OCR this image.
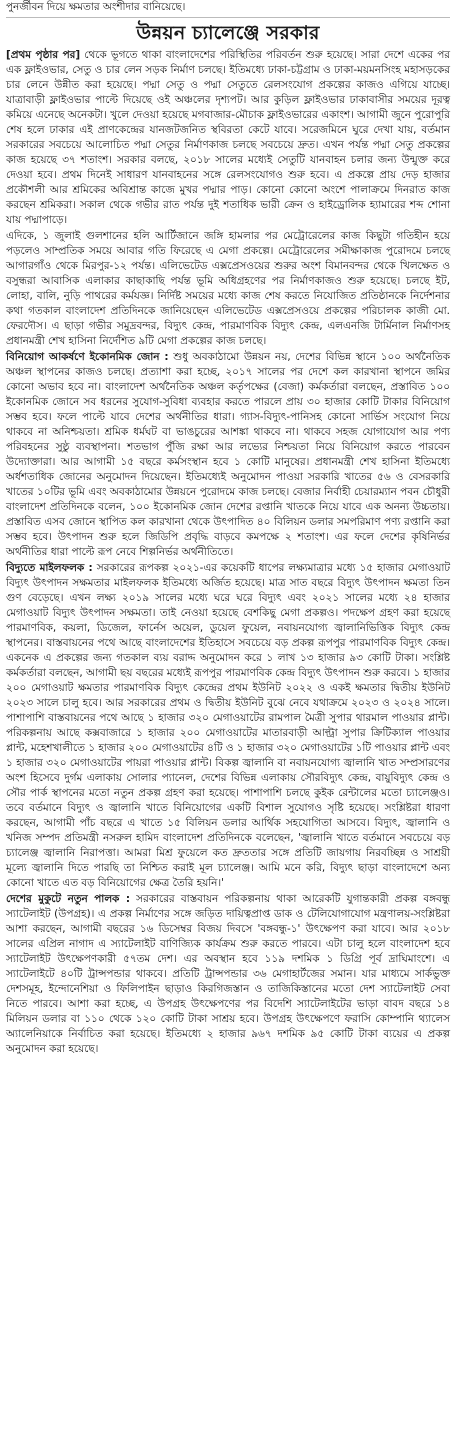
পুনর্জীবন দিয়ে ক্ষমতার অংশীদার বানিয়েছে।

উন্নয়ন চ্যালেঞ্জে সরকার

[প্রথম পৃষ্ঠার পর] থেকে ভূগতে থাকা বাংলাদেশের পরিস্থিতির পরিবর্তন শুরু হয়েছে। সারা দেশে একের পর এক ফ্লাইওভার, সেতু ও চার লেন সড়ক নির্মাণ চলছে। ইতিমধ্যে ঢাকা-চট্টগ্রাম ও ঢাকা-ময়মনসিংহ মহাসড়কের চার লেনে উন্নীত করা হয়েছে। পদ্মা সেতু ও পদ্মা সেতুতে রেলসংযোগ প্রকল্পের কাজও এগিয়ে যাচ্ছে। যাত্রাবাড়ী ফ্লাইওভার পাল্টে দিয়েছে ওই অঞ্চলের দৃশ্যপট। আর কুড়িল ফ্লাইওভার ঢাকাবাসীর সময়ের দূরত্ব কমিয়ে এনেছে অনেকটা। খুলে দেওয়া হয়েছে মগবাজার-মৌচাক ফ্লাইওভারের একাংশ। আগামী জুনে পুরোপুরি শেষ হলে ঢাকার এই প্রাণকেন্দ্রের যানজটজনিত স্থবিরতা কেটে যাবে। সরেজমিনে ঘুরে দেখা যায়, বর্তমান সরকারের সবচেয়ে আলোচিত পদ্মা সেতুর নির্মাণকাজ চলছে সবচেয়ে দ্রুত। এখন পর্যন্ত পদ্মা সেতু প্রকল্পের কাজ হয়েছে ৩৭ শতাংশ। সরকার বলছে, ২০১৮ সালের মধ্যেই সেতুটি যানবাহন চলার জন্য উন্মুক্ত করে দেওয়া হবে। প্রথম দিনেই সাধারণ যানবাহনের সঙ্গে রেলসংযোগও শুরু হবে। এ প্রকল্পে প্রায় দেড় হাজার প্রকৌশলী আর শ্রমিকের অবিশ্রান্ত কাজে মুখর পদ্মার পাড়। কোনো কোনো অংশে পালাক্রমে দিনরাত কাজ করছেন শ্রমিকরা। সকাল থেকে গভীর রাত পর্যন্ত দুই শতাধিক ভারী ক্রেন ও হাইড্রোলিক হ্যামারের শব্দ শোনা যায় পদ্মাপাড়ে।

এদিকে, ১ জুলাই গুলশানের হলি আর্টিজানে জঙ্গি হামলার পর মেট্রোরেলের কাজ কিছুটা গতিহীন হয়ে পড়লেও সাম্প্রতিক সময়ে আবার গতি ফিরেছে এ মেগা প্রকল্পে। মেট্রোরেলের সমীক্ষাকাজ পুরোদমে চলছে আগারগাঁও থেকে মিরপুর-১২ পর্যন্ত। এলিভেটেড এক্সপ্রেসওয়ের শুরুর অংশ বিমানবন্দর থেকে খিলক্ষেত ও বসুন্ধরা আবাসিক এলাকার কাছাকাছি পর্যন্ত ভূমি অধিগ্রহণের পর নির্মাণকাজও শুরু হয়েছে। চলছে ইট, লোহা, বালি, নুড়ি পাথরের কর্মযজ্ঞ। নির্দিষ্ট সময়ের মধ্যে কাজ শেষ করতে নিযোজিত প্রতিষ্ঠানকে নির্দেশনার কথা গতকাল বাংলাদেশ প্রতিদিনকে জানিয়েছেন এলিভেটেড এক্সপ্রেসওয়ে প্রকল্পের পরিচালক কাজী মো. ফেরদৌস। এ ছাড়া গভীর সমুদ্রবন্দর, বিদ্যুৎ কেন্দ্র, পারমাণবিক বিদ্যুৎ কেন্দ্র, এলএনজি টার্মিনাল নির্মাণসহ প্রধানমন্ত্রী শেখ হাসিনা নির্দেশিত ৯টি মেগা প্রকল্পের কাজ চলছে।

বিনিয়োগ আকর্ষণে ইকোনমিক জোন : শুধু অবকাঠামো উন্নয়ন নয়, দেশের বিভিন্ন স্থানে ১০০ অর্থনৈতিক অঞ্চল স্থাপনের কাজও চলছে। প্রত্যাশা করা হচ্ছে, ২০১৭ সালের পর দেশে কল কারখানা স্থাপনে জমির কোনো অভাব হবে না। বাংলাদেশ অর্থনৈতিক অঞ্চল কর্তৃপক্ষের (বেজা) কর্মকর্তারা বলছেন, প্রস্তাবিত ১০০ ইকোনমিক জোনে সব ধরনের সুযোগ-সুবিধা ব্যবহার করতে পারলে প্রায় ৩০ হাজার কোটি টাকার বিনিয়োগ সম্ভব হবে। ফলে পাল্টে যাবে দেশের অর্থনীতির ধারা। গ্যাস-বিদ্যুৎ-পানিসহ কোনো সার্ভিস সংযোগ নিয়ে থাকবে না অনিশ্চয়তা। শ্রমিক ধর্মঘট বা ভাঙচুরের আশঙ্কা থাকবে না। থাকবে সহজ যোগাযোগ আর পণ্য পরিবহনের সুষ্ঠু ব্যবস্থাপনা। শতভাগ পুঁজি রক্ষা আর লভ্যের নিশ্চয়তা নিয়ে বিনিয়োগ করতে পারবেন উদ্যোক্তারা। আর আগামী ১৫ বছরে কর্মসংস্থান হবে ১ কোটি মানুষের। প্রধানমন্ত্রী শেখ হাসিনা ইতিমধ্যে অর্ধশতাধিক জোনের অনুমোদন দিয়েছেন। ইতিমধ্যেই অনুমোদন পাওয়া সরকারি খাতের ৫৬ ও বেসরকারি খাতের ১০টির ভূমি এবং অবকাঠামোর উন্নয়নে পুরোদমে কাজ চলছে। বেজার নির্বাহী চেয়ারম্যান পবন চৌধুরী বাংলাদেশ প্রতিদিনকে বলেন, ১০০ ইকোনমিক জোন দেশের রপ্তানি খাতকে নিয়ে যাবে এক অনন্য উচ্চতায়। প্রস্তাবিত এসব জোনে স্থাপিত কল কারখানা থেকে উৎপাদিত ৪০ বিলিয়ন ডলার সমপরিমাণ পণ্য রপ্তানি করা সম্ভব হবে। উৎপাদন শুরু হলে জিডিপি প্রবৃদ্ধি বাড়বে কমপক্ষে ২ শতাংশ। এর ফলে দেশের কৃষিনির্ভর অর্থনীতির ধারা পাল্টে রূপ নেবে শিল্পনির্ভর অর্থনীতিতে।

বিদ্যুতে মাইলফলক : সরকারের রূপকল্প ২০২১-এর কয়েকটি ধাপের লক্ষ্যমাত্রার মধ্যে ১৫ হাজার মেগাওয়াট বিদ্যুৎ উৎপাদন সক্ষমতার মাইলফলক ইতিমধ্যে অর্জিত হয়েছে। মাত্র সাত বছরে বিদ্যুৎ উৎপাদন ক্ষমতা তিন গুণ বেড়েছে। এখন লক্ষ্য ২০১৯ সালের মধ্যে ঘরে ঘরে বিদ্যুৎ এবং ২০২১ সালের মধ্যে ২৪ হাজার মেগাওয়াট বিদ্যুৎ উৎপাদন সক্ষমতা। তাই নেওয়া হয়েছে বেশকিছু মেগা প্রকল্পও। পদক্ষেপ গ্রহণ করা হয়েছে পারমাণবিক, কয়লা, ডিজেল, ফার্নেস অয়েল, ডুয়েল ফুয়েল, নবায়নযোগ্য জ্বালানিভিত্তিক বিদ্যুৎ কেন্দ্র স্থাপনের। বাস্তবায়নের পথে আছে বাংলাদেশের ইতিহাসে সবচেয়ে বড় প্রকল্প রূপপুর পারমাণবিক বিদ্যুৎ কেন্দ্র। একনেক এ প্রকল্পের জন্য গতকাল ব্যয় বরাদ্দ অনুমোদন করে ১ লাখ ১৩ হাজার ৯৩ কোটি টাকা। সংশ্লিষ্ট কর্মকর্তারা বলছেন, আগামী ছয় বছরের মধ্যেই রূপপুর পারমাণবিক কেন্দ্র বিদ্যুৎ উৎপাদন শুরু করবে। ১ হাজার ২০০ মেগাওয়াট ক্ষমতার পারমাণবিক বিদ্যুৎ কেন্দ্রের প্রথম ইউনিট ২০২২ ও একই ক্ষমতার দ্বিতীয় ইউনিট ২০২৩ সালে চালু হবে। আর সরকারের প্রথম ও দ্বিতীয় ইউনিট বুঝে নেবে যথাক্রমে ২০২৩ ও ২০২৪ সালে। পাশাপাশি বাস্তবায়নের পথে আছে ১ হাজার ৩২০ মেগাওয়াটের রামপাল মৈত্রী সুপার থারমাল পাওয়ার প্লান্ট। পরিকল্পনায় আছে কক্সবাজারে ১ হাজার ২০০ মেগাওয়াটের মাতারবাড়ী আল্ট্রা সুপার ক্রিটিক্যাল পাওয়ার প্লান্ট, মহেশখালীতে ১ হাজার ২০০ মেগাওয়াটের ৪টি ও ১ হাজার ৩২০ মেগাওয়াটের ১টি পাওয়ার প্লান্ট এবং ১ হাজার ৩২০ মেগাওয়াটের পায়রা পাওয়ার প্লান্ট। বিকল্প জ্বালানি বা নবায়নযোগ্য জ্বালানি খাত সম্প্রসারণের অংশ হিসেবে দুর্গম এলাকায় সোলার প্যানেল, দেশের বিভিন্ন এলাকায় সৌরবিদ্যুৎ কেন্দ্র, বায়ুবিদ্যুৎ কেন্দ্র ও সৌর পার্ক স্থাপনের মতো নতুন প্রকল্প গ্রহণ করা হয়েছে। পাশাপাশি চলছে কুইক রেন্টালের মতো চ্যালেঞ্জও। তবে বর্তমানে বিদ্যুৎ ও জ্বালানি খাতে বিনিয়োগের একটি বিশাল সুযোগও সৃষ্টি হয়েছে। সংশ্লিষ্টরা ধারণা করছেন, আগামী পাঁচ বছরে এ খাতে ১৫ বিলিয়ন ডলার আর্থিক সহযোগিতা আসবে। বিদ্যুৎ, জ্বালানি ও খনিজ সম্পদ প্রতিমন্ত্রী নসরুল হামিদ বাংলাদেশ প্রতিদিনকে বলেছেন, 'জ্বালানি খাতে বর্তমানে সবচেয়ে বড় চ্যালেঞ্জ জ্বালানি নিরাপত্তা। আমরা মিশ্র ফুয়েলে কত দ্রুততার সঙ্গে প্রতিটি জায়গায় নিরবচ্ছিন্ন ও সাশ্রয়ী মূল্যে জ্বালানি দিতে পারছি তা নিশ্চিত করাই মূল চ্যালেঞ্জ। আমি মনে করি, বিদ্যুৎ ছাড়া বাংলাদেশে অন্য কোনো খাতে এত বড় বিনিয়োগের ক্ষেত্র তৈরি হয়নি।'

দেশের মুকুটে নতুন পালক : সরকারের বাস্তবায়ন পরিকল্পনায় থাকা আরেকটি যুগান্তকারী প্রকল্প বঙ্গবন্ধু স্যাটেলাইট (উপগ্রহ)। এ প্রকল্প নির্মাণের সঙ্গে জড়িত দায়িত্বপ্রাপ্ত ডাক ও টেলিযোগাযোগ মন্ত্রণালয়-সংশ্লিষ্টরা আশা করছেন, আগামী বছরের ১৬ ডিসেম্বর বিজয় দিবসে 'বঙ্গবন্ধু-১' উৎক্ষেপণ করা যাবে। আর ২০১৮ সালের এপ্রিল নাগাদ এ স্যাটেলাইট বাণিজ্যিক কার্যক্রম শুরু করতে পারবে। এটা চালু হলে বাংলাদেশ হবে স্যাটেলাইট উৎক্ষেপণকারী ৫৭তম দেশ। এর অবস্থান হবে ১১৯ দশমিক ১ ডিগ্রি পূর্ব দ্রাঘিমাংশে। এ স্যাটেলাইটে ৪০টি ট্রান্সপন্ডার থাকবে। প্রতিটি ট্রান্সপন্ডার ৩৬ মেগাহার্টজের সমান। যার মাধ্যমে সার্কভুক্ত দেশসমূহ, ইন্দোনেশিয়া ও ফিলিপাইন ছাড়াও কিরগিজস্তান ও তাজিকিস্তানের মতো দেশ স্যাটেলাইট সেবা নিতে পারবে। আশা করা হচ্ছে, এ উপগ্রহ উৎক্ষেপণের পর বিদেশি স্যাটেলাইটের ভাড়া বাবদ বছরে ১৪ মিলিয়ন ডলার বা ১১০ থেকে ১২০ কোটি টাকা সাশ্রয় হবে। উপগ্রহ উৎক্ষেপণে ফরাসি কোম্পানি থ্যালেস অ্যালেনিয়াকে নির্বাচিত করা হয়েছে। ইতিমধ্যে ২ হাজার ৯৬৭ দশমিক ৯৫ কোটি টাকা ব্যয়ের এ প্রকল্প অনুমোদন করা হয়েছে।
